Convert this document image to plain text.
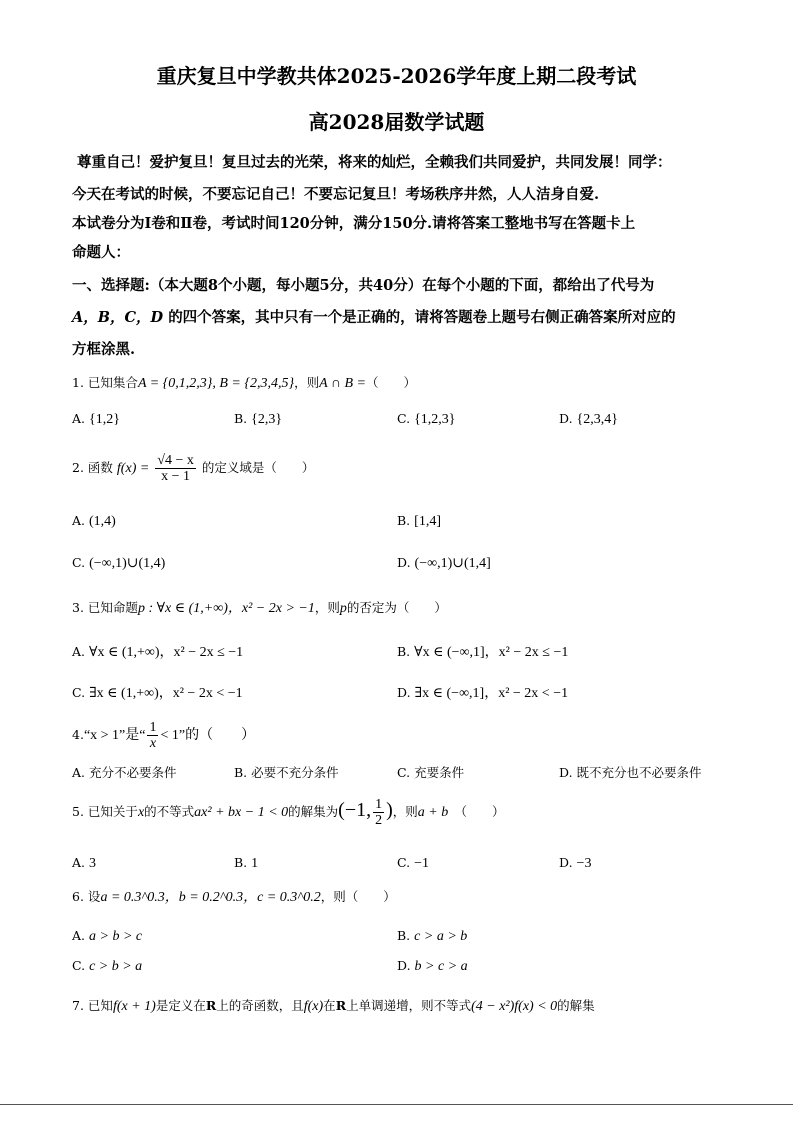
重庆复旦中学教共体2025-2026学年度上期二段考试
高2028届数学试题
尊重自己！爱护复旦！复旦过去的光荣，将来的灿烂，全赖我们共同爱护，共同发展！同学：
今天在考试的时候，不要忘记自己！不要忘记复旦！考场秩序井然，人人洁身自爱.
本试卷分为Ⅰ卷和Ⅱ卷，考试时间120分钟，满分150分.请将答案工整地书写在答题卡上
命题人：
一、选择题:（本大题8个小题，每小题5分，共40分）在每个小题的下面，都给出了代号为
A，B，C，D 的四个答案，其中只有一个是正确的，请将答题卷上题号右侧正确答案所对应的
方框涂黑.
1. 已知集合A = {0,1,2,3}, B = {2,3,4,5}，则A ∩ B =（　　）
A. {1,2}	B. {2,3}	C. {1,2,3}	D. {2,3,4}
2. 函数 $f(x) = \frac{√4 - x}{x - 1}$ 的定义域是（　　）
A. (1,4)	B. [1,4]
C. (−∞,1)∪(1,4)	D. (−∞,1)∪(1,4]
3. 已知命题p : ∀x ∈ (1,+∞)，x² − 2x > −1，则p的否定为（　　）
A. ∀x ∈ (1,+∞)，x² − 2x ≤ −1	B. ∀x ∈ (−∞,1]，x² − 2x ≤ −1
C. ∃x ∈ (1,+∞)，x² − 2x < −1	D. ∃x ∈ (−∞,1]，x² − 2x < −1
4.“x > 1”是“ $\frac{1}{x} < 1$”的（　　）
A. 充分不必要条件	B. 必要不充分条件	C. 充要条件	D. 既不充分也不必要条件
5. 已知关于x的不等式ax² + bx − 1 < 0的解集为(−1, $\frac{1}{2}$ )，则a + b　 （　　）
A. 3	B. 1	C. −1	D. −3
6. 设a = 0.3^0.3，b = 0.2^0.3，c = 0.3^0.2，则（　　）
A. a > b > c	B. c > a > b
C. c > b > a	D. b > c > a
7. 已知f(x + 1)是定义在R上的奇函数，且f(x)在R上单调递增，则不等式(4 − x²)f(x) < 0的解集
